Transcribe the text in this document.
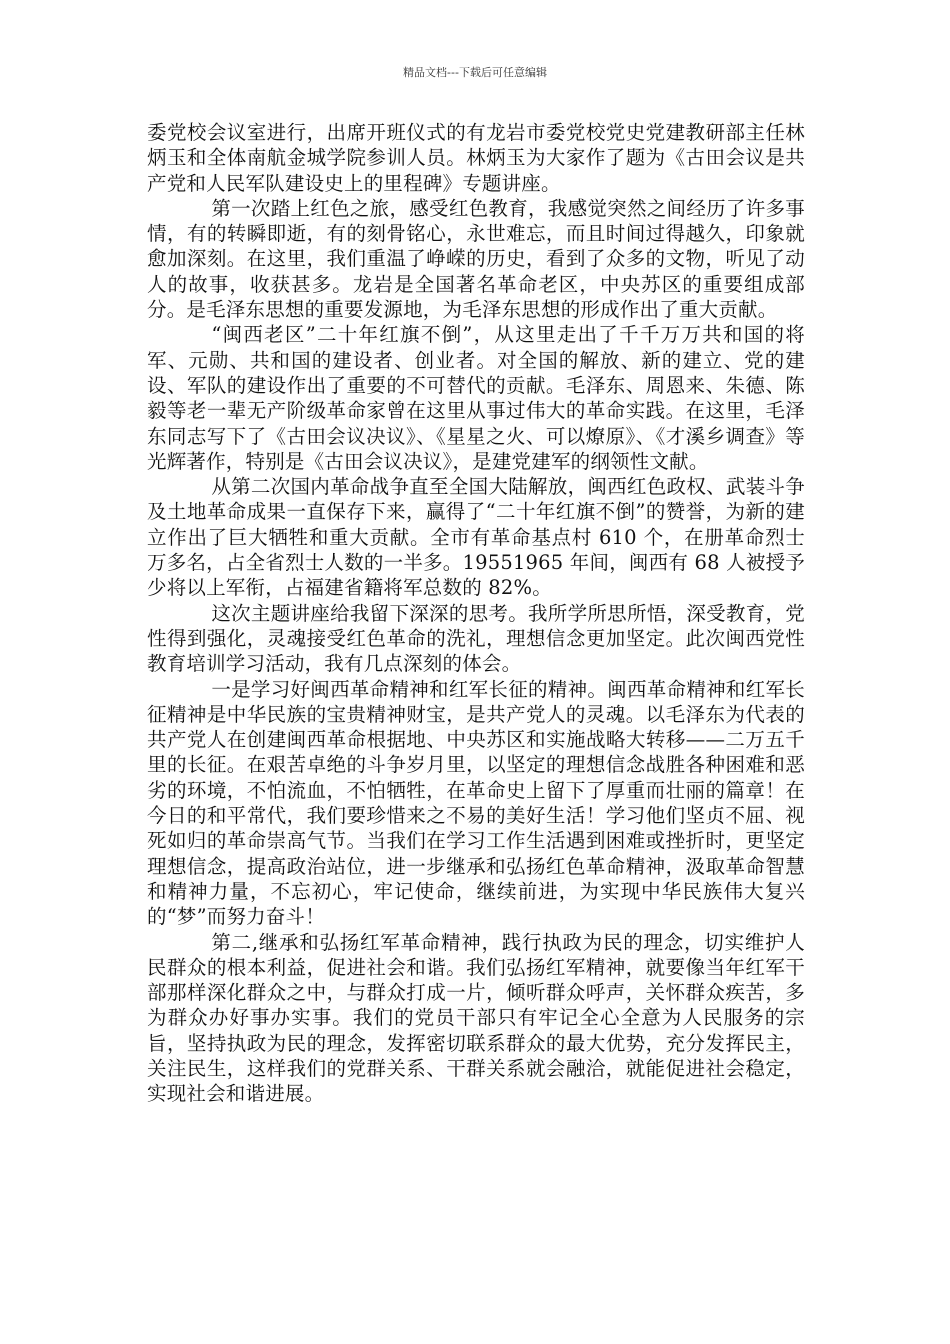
精品文档---下载后可任意编辑

委党校会议室进行，出席开班仪式的有龙岩市委党校党史党建教研部主任林炳玉和全体南航金城学院参训人员。林炳玉为大家作了题为《古田会议是共产党和人民军队建设史上的里程碑》专题讲座。

第一次踏上红色之旅，感受红色教育，我感觉突然之间经历了许多事情，有的转瞬即逝，有的刻骨铭心，永世难忘，而且时间过得越久，印象就愈加深刻。在这里，我们重温了峥嵘的历史，看到了众多的文物，听见了动人的故事，收获甚多。龙岩是全国著名革命老区，中央苏区的重要组成部分。是毛泽东思想的重要发源地，为毛泽东思想的形成作出了重大贡献。

“闽西老区”二十年红旗不倒”，从这里走出了千千万万共和国的将军、元勋、共和国的建设者、创业者。对全国的解放、新的建立、党的建设、军队的建设作出了重要的不可替代的贡献。毛泽东、周恩来、朱德、陈毅等老一辈无产阶级革命家曾在这里从事过伟大的革命实践。在这里，毛泽东同志写下了《古田会议决议》、《星星之火、可以燎原》、《才溪乡调查》等光辉著作，特别是《古田会议决议》，是建党建军的纲领性文献。

从第二次国内革命战争直至全国大陆解放，闽西红色政权、武装斗争及土地革命成果一直保存下来，赢得了“二十年红旗不倒”的赞誉，为新的建立作出了巨大牺牲和重大贡献。全市有革命基点村 610 个，在册革命烈士万多名，占全省烈士人数的一半多。19551965 年间，闽西有 68 人被授予少将以上军衔，占福建省籍将军总数的 82%。

这次主题讲座给我留下深深的思考。我所学所思所悟，深受教育，党性得到强化，灵魂接受红色革命的洗礼，理想信念更加坚定。此次闽西党性教育培训学习活动，我有几点深刻的体会。

一是学习好闽西革命精神和红军长征的精神。闽西革命精神和红军长征精神是中华民族的宝贵精神财宝，是共产党人的灵魂。以毛泽东为代表的共产党人在创建闽西革命根据地、中央苏区和实施战略大转移——二万五千里的长征。在艰苦卓绝的斗争岁月里，以坚定的理想信念战胜各种困难和恶劣的环境，不怕流血，不怕牺牲，在革命史上留下了厚重而壮丽的篇章！在今日的和平常代，我们要珍惜来之不易的美好生活！学习他们坚贞不屈、视死如归的革命崇高气节。当我们在学习工作生活遇到困难或挫折时，更坚定理想信念，提高政治站位，进一步继承和弘扬红色革命精神，汲取革命智慧和精神力量，不忘初心，牢记使命，继续前进，为实现中华民族伟大复兴的“梦”而努力奋斗！

第二,继承和弘扬红军革命精神，践行执政为民的理念，切实维护人民群众的根本利益，促进社会和谐。我们弘扬红军精神，就要像当年红军干部那样深化群众之中，与群众打成一片，倾听群众呼声，关怀群众疾苦，多为群众办好事办实事。我们的党员干部只有牢记全心全意为人民服务的宗旨，坚持执政为民的理念，发挥密切联系群众的最大优势，充分发挥民主，关注民生，这样我们的党群关系、干群关系就会融洽，就能促进社会稳定，实现社会和谐进展。
